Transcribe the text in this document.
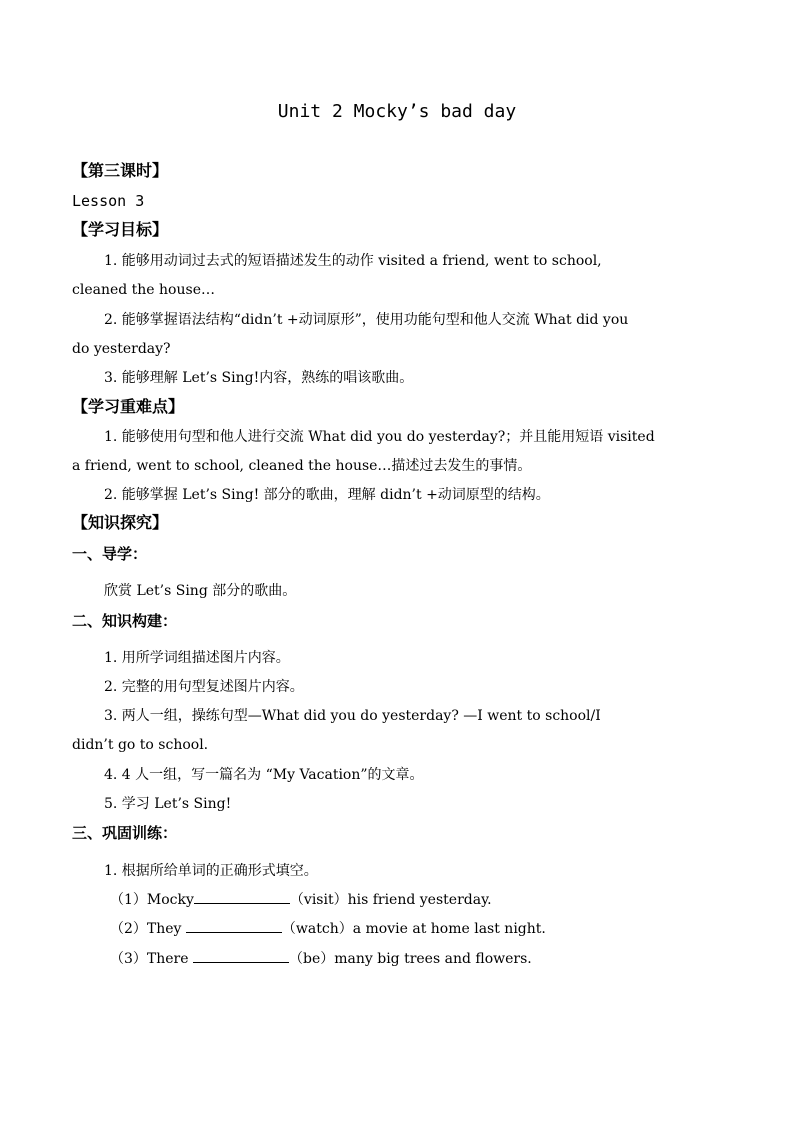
Unit 2 Mocky’s bad day
【第三课时】
Lesson 3
【学习目标】
1. 能够用动词过去式的短语描述发生的动作 visited a friend, went to school,
cleaned the house…
2. 能够掌握语法结构“didn’t +动词原形”，使用功能句型和他人交流 What did you
do yesterday?
3. 能够理解 Let’s Sing!内容，熟练的唱该歌曲。
【学习重难点】
1. 能够使用句型和他人进行交流 What did you do yesterday?；并且能用短语 visited
a friend, went to school, cleaned the house…描述过去发生的事情。
2. 能够掌握 Let’s Sing! 部分的歌曲，理解 didn’t +动词原型的结构。
【知识探究】
一、导学：
欣赏 Let’s Sing 部分的歌曲。
二、知识构建：
1. 用所学词组描述图片内容。
2. 完整的用句型复述图片内容。
3. 两人一组，操练句型—What did you do yesterday? —I went to school/I
didn’t go to school.
4. 4 人一组，写一篇名为 “My Vacation”的文章。
5. 学习 Let’s Sing!
三、巩固训练：
1. 根据所给单词的正确形式填空。
（1）Mocky	（visit）his friend yesterday.
（2）They	（watch）a movie at home last night.
（3）There	（be）many big trees and flowers.
